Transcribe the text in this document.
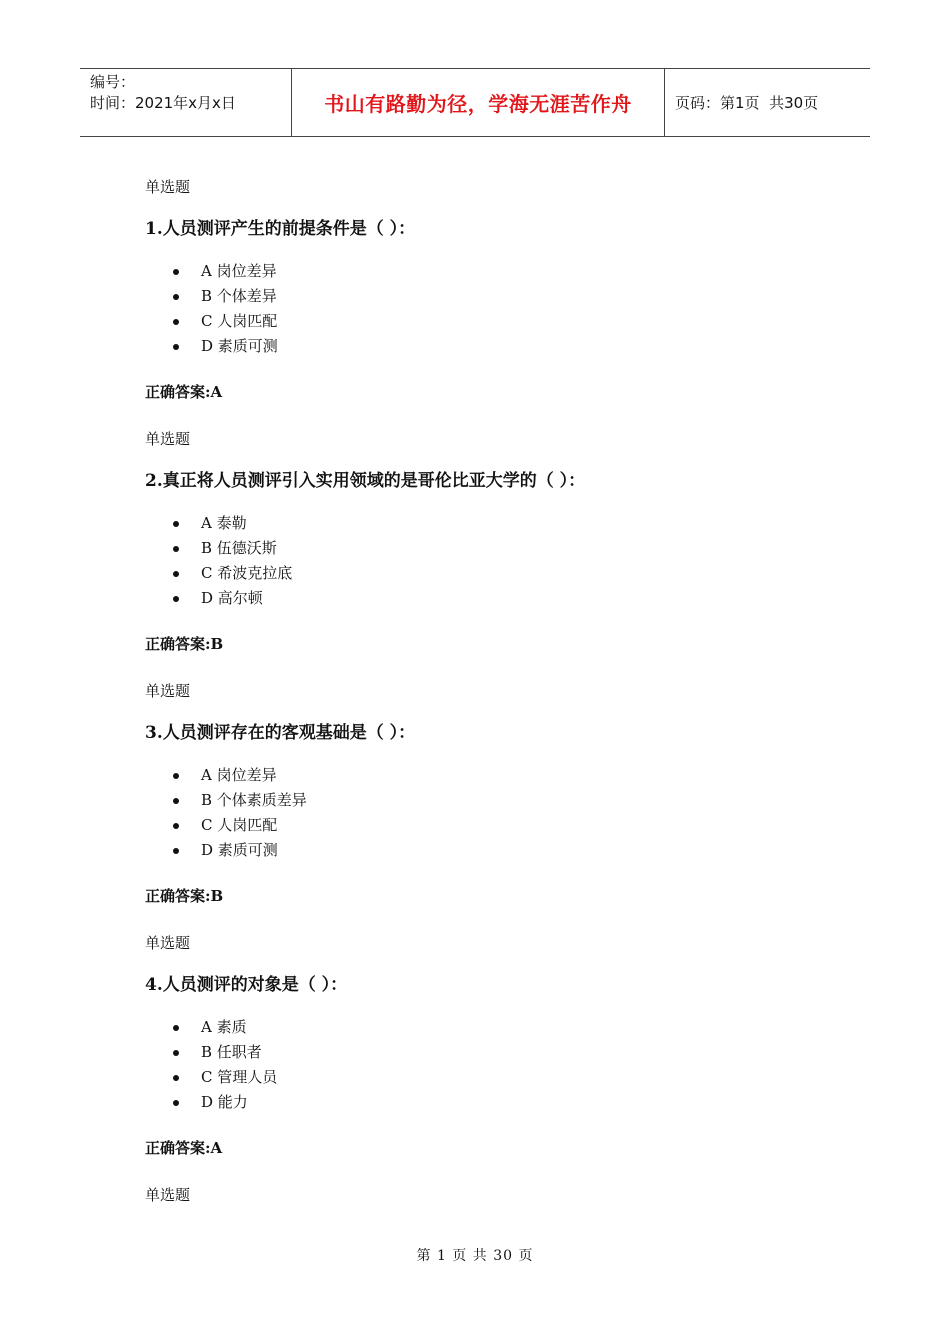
编号：
时间：2021年x月x日	书山有路勤为径，学海无涯苦作舟	页码：第1页  共30页
单选题
1.人员测评产生的前提条件是（ ）：
A 岗位差异
B 个体差异
C 人岗匹配
D 素质可测
正确答案:A
单选题
2.真正将人员测评引入实用领域的是哥伦比亚大学的（ ）：
A 泰勒
B 伍德沃斯
C 希波克拉底
D 高尔顿
正确答案:B
单选题
3.人员测评存在的客观基础是（ ）：
A 岗位差异
B 个体素质差异
C 人岗匹配
D 素质可测
正确答案:B
单选题
4.人员测评的对象是（ ）：
A 素质
B 任职者
C 管理人员
D 能力
正确答案:A
单选题
第 1 页 共 30 页
